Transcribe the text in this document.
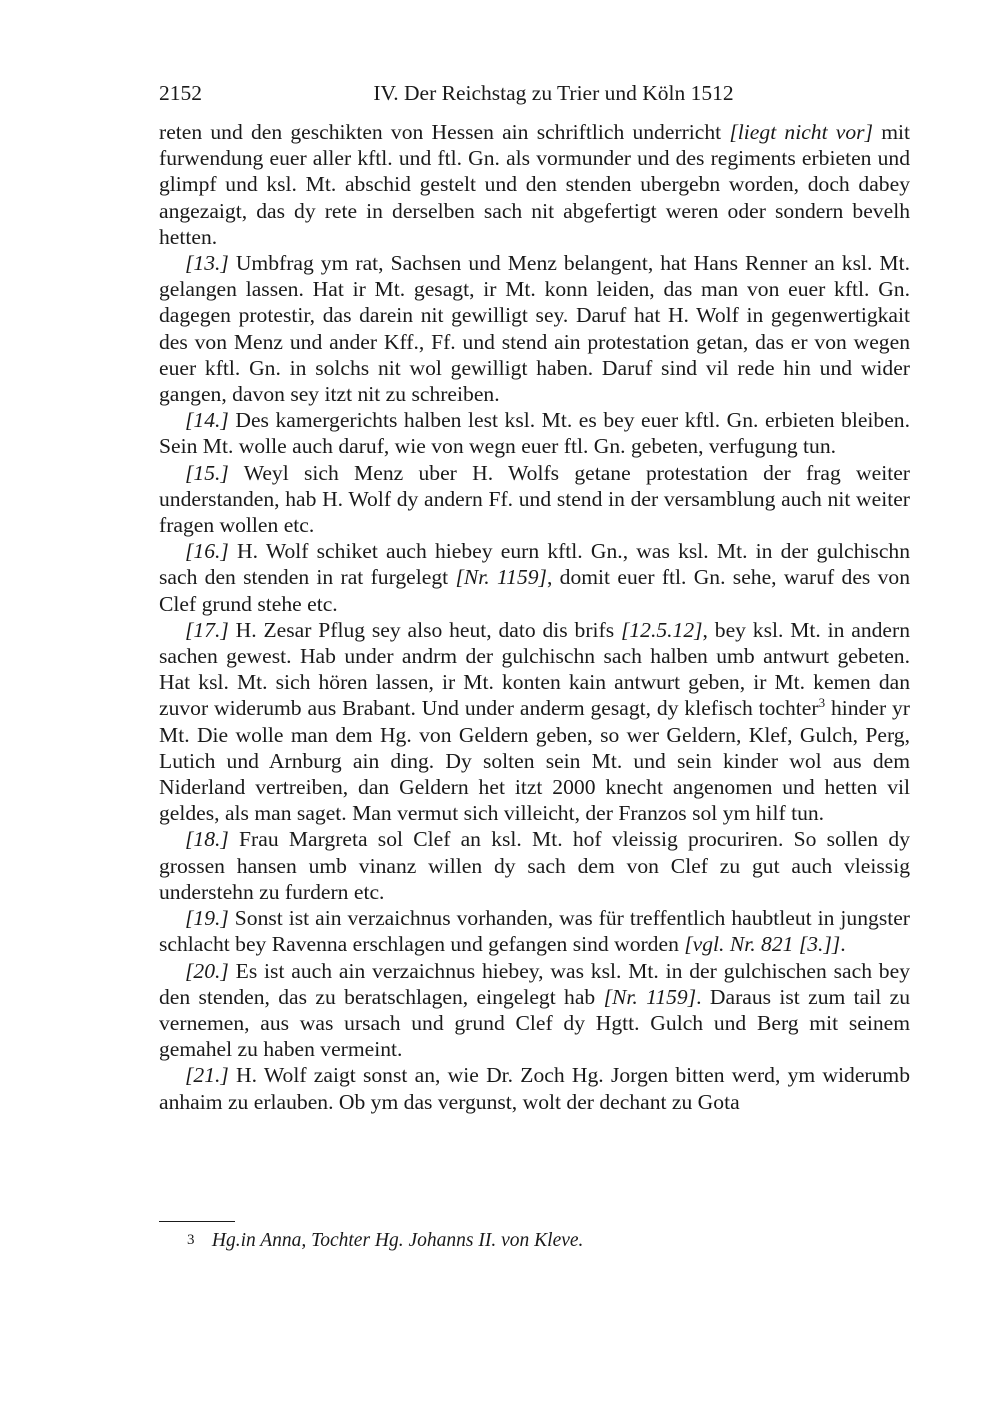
2152	IV. Der Reichstag zu Trier und Köln 1512

reten und den geschikten von Hessen ain schriftlich underricht [liegt nicht vor] mit furwendung euer aller kftl. und ftl. Gn. als vormunder und des regiments erbieten und glimpf und ksl. Mt. abschid gestelt und den stenden ubergebn worden, doch dabey angezaigt, das dy rete in derselben sach nit abgefertigt weren oder sondern bevelh hetten.

[13.] Umbfrag ym rat, Sachsen und Menz belangent, hat Hans Renner an ksl. Mt. gelangen lassen. Hat ir Mt. gesagt, ir Mt. konn leiden, das man von euer kftl. Gn. dagegen protestir, das darein nit gewilligt sey. Daruf hat H. Wolf in gegenwertigkait des von Menz und ander Kff., Ff. und stend ain protestation getan, das er von wegen euer kftl. Gn. in solchs nit wol gewilligt haben. Daruf sind vil rede hin und wider gangen, davon sey itzt nit zu schreiben.

[14.] Des kamergerichts halben lest ksl. Mt. es bey euer kftl. Gn. erbieten bleiben. Sein Mt. wolle auch daruf, wie von wegn euer ftl. Gn. gebeten, verfugung tun.

[15.] Weyl sich Menz uber H. Wolfs getane protestation der frag weiter understanden, hab H. Wolf dy andern Ff. und stend in der versamblung auch nit weiter fragen wollen etc.

[16.] H. Wolf schiket auch hiebey eurn kftl. Gn., was ksl. Mt. in der gulchischn sach den stenden in rat furgelegt [Nr. 1159], domit euer ftl. Gn. sehe, waruf des von Clef grund stehe etc.

[17.] H. Zesar Pflug sey also heut, dato dis brifs [12.5.12], bey ksl. Mt. in andern sachen gewest. Hab under andrm der gulchischn sach halben umb antwurt gebeten. Hat ksl. Mt. sich hören lassen, ir Mt. konten kain antwurt geben, ir Mt. kemen dan zuvor widerumb aus Brabant. Und under anderm gesagt, dy klefisch tochter$^3$ hinder yr Mt. Die wolle man dem Hg. von Geldern geben, so wer Geldern, Klef, Gulch, Perg, Lutich und Arnburg ain ding. Dy solten sein Mt. und sein kinder wol aus dem Niderland vertreiben, dan Geldern het itzt 2000 knecht angenomen und hetten vil geldes, als man saget. Man vermut sich villeicht, der Franzos sol ym hilf tun.

[18.] Frau Margreta sol Clef an ksl. Mt. hof vleissig procuriren. So sollen dy grossen hansen umb vinanz willen dy sach dem von Clef zu gut auch vleissig understehn zu furdern etc.

[19.] Sonst ist ain verzaichnus vorhanden, was für treffentlich haubtleut in jungster schlacht bey Ravenna erschlagen und gefangen sind worden [vgl. Nr. 821 [3.]].

[20.] Es ist auch ain verzaichnus hiebey, was ksl. Mt. in der gulchischen sach bey den stenden, das zu beratschlagen, eingelegt hab [Nr. 1159]. Daraus ist zum tail zu vernemen, aus was ursach und grund Clef dy Hgtt. Gulch und Berg mit seinem gemahel zu haben vermeint.

[21.] H. Wolf zaigt sonst an, wie Dr. Zoch Hg. Jorgen bitten werd, ym widerumb anhaim zu erlauben. Ob ym das vergunst, wolt der dechant zu Gota

3 Hg.in Anna, Tochter Hg. Johanns II. von Kleve.
